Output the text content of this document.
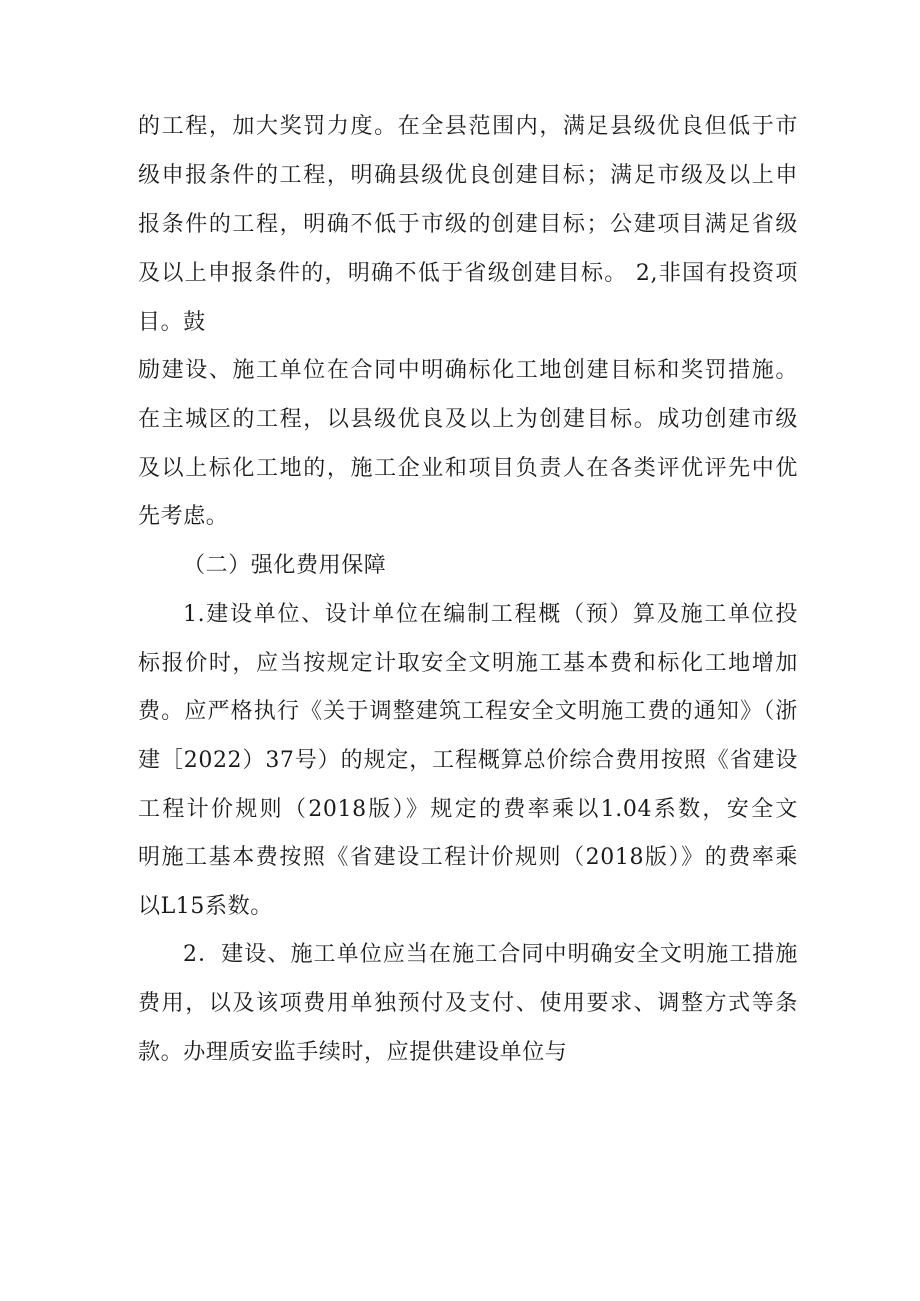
的工程，加大奖罚力度。在全县范围内，满足县级优良但低于市
级申报条件的工程，明确县级优良创建目标；满足市级及以上申
报条件的工程，明确不低于市级的创建目标；公建项目满足省级
及以上申报条件的，明确不低于省级创建目标。 2,非国有投资项
目。鼓
励建设、施工单位在合同中明确标化工地创建目标和奖罚措施。
在主城区的工程，以县级优良及以上为创建目标。成功创建市级
及以上标化工地的，施工企业和项目负责人在各类评优评先中优
先考虑。
（二）强化费用保障
1.建设单位、设计单位在编制工程概（预）算及施工单位投
标报价时，应当按规定计取安全文明施工基本费和标化工地增加
费。应严格执行《关于调整建筑工程安全文明施工费的通知》（浙
建［2022）37号）的规定，工程概算总价综合费用按照《省建设
工程计价规则（2018版）》规定的费率乘以1.04系数，安全文
明施工基本费按照《省建设工程计价规则（2018版）》的费率乘
以L15系数。
2．建设、施工单位应当在施工合同中明确安全文明施工措施
费用，以及该项费用单独预付及支付、使用要求、调整方式等条
款。办理质安监手续时，应提供建设单位与
